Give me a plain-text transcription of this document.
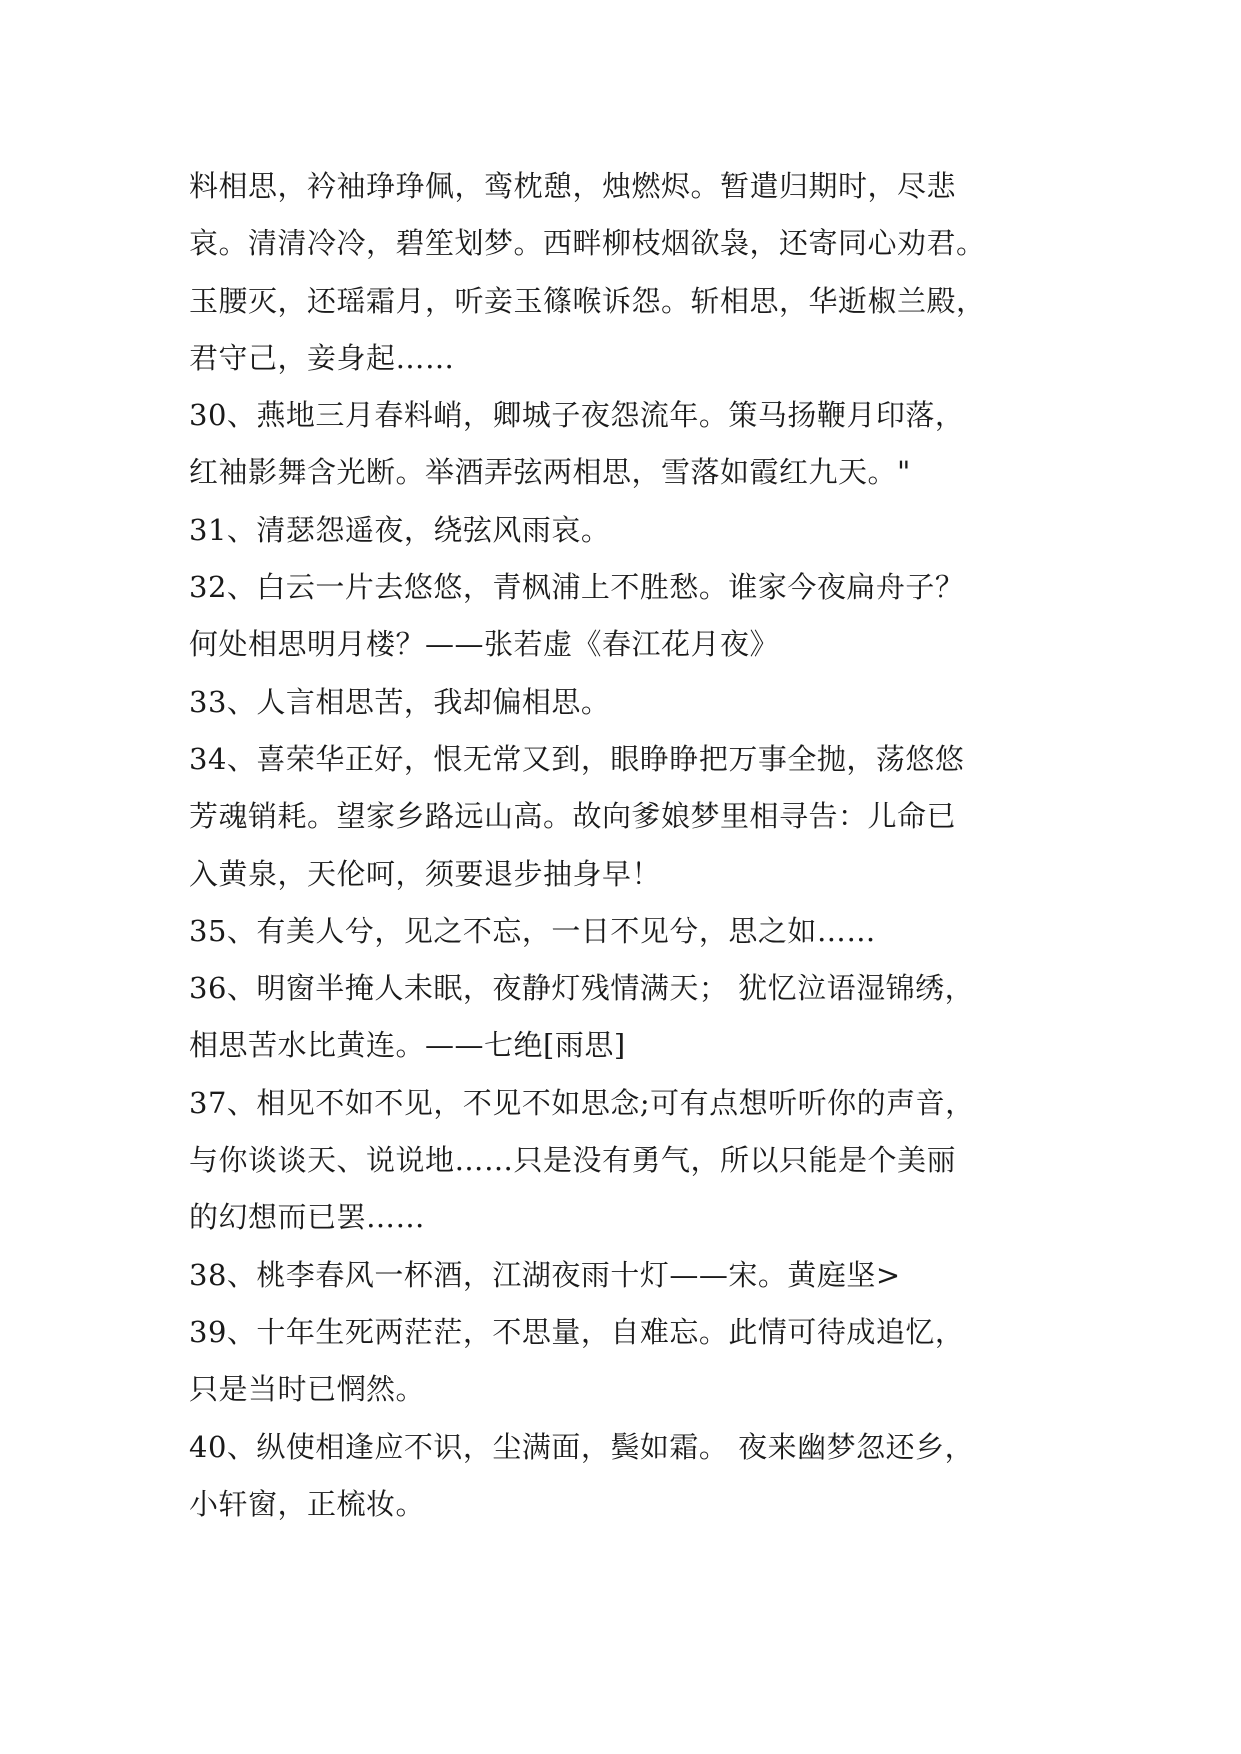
料相思，衿袖琤琤佩，鸾枕憩，烛燃烬。暂遣归期时，尽悲
哀。清清冷冷，碧笙划梦。西畔柳枝烟欲袅，还寄同心劝君。
玉腰灭，还瑶霜月，听妾玉篠喉诉怨。斩相思，华逝椒兰殿，
君守己，妾身起……
30、燕地三月春料峭，卿城子夜怨流年。策马扬鞭月印落，
红袖影舞含光断。举酒弄弦两相思，雪落如霞红九天。"
31、清瑟怨遥夜，绕弦风雨哀。
32、白云一片去悠悠，青枫浦上不胜愁。谁家今夜扁舟子？
何处相思明月楼？——张若虚《春江花月夜》
33、人言相思苦，我却偏相思。
34、喜荣华正好，恨无常又到，眼睁睁把万事全抛，荡悠悠
芳魂销耗。望家乡路远山高。故向爹娘梦里相寻告：儿命已
入黄泉，天伦呵，须要退步抽身早！
35、有美人兮，见之不忘，一日不见兮，思之如……
36、明窗半掩人未眠，夜静灯残情满天； 犹忆泣语湿锦绣，
相思苦水比黄连。——七绝[雨思]
37、相见不如不见，不见不如思念;可有点想听听你的声音，
与你谈谈天、说说地……只是没有勇气，所以只能是个美丽
的幻想而已罢……
38、桃李春风一杯酒，江湖夜雨十灯——宋。黄庭坚>
39、十年生死两茫茫，不思量，自难忘。此情可待成追忆，
只是当时已惘然。
40、纵使相逢应不识，尘满面，鬓如霜。 夜来幽梦忽还乡，
小轩窗，正梳妆。
